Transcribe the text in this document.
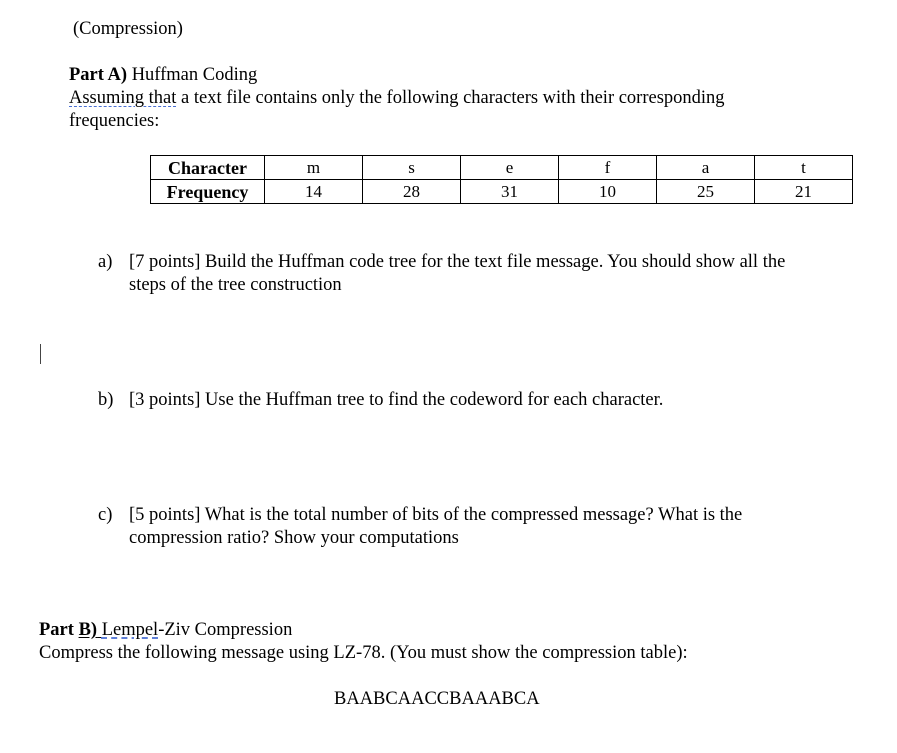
(Compression)
Part A) Huffman Coding
Assuming that a text file contains only the following characters with their corresponding
frequencies:
Character	m	s	e	f	a	t
Frequency	14	28	31	10	25	21
a) [7 points] Build the Huffman code tree for the text file message. You should show all the
steps of the tree construction
b) [3 points] Use the Huffman tree to find the codeword for each character.
c) [5 points] What is the total number of bits of the compressed message? What is the
compression ratio? Show your computations
Part B) Lempel-Ziv Compression
Compress the following message using LZ-78. (You must show the compression table):
BAABCAACCBAAABCA
